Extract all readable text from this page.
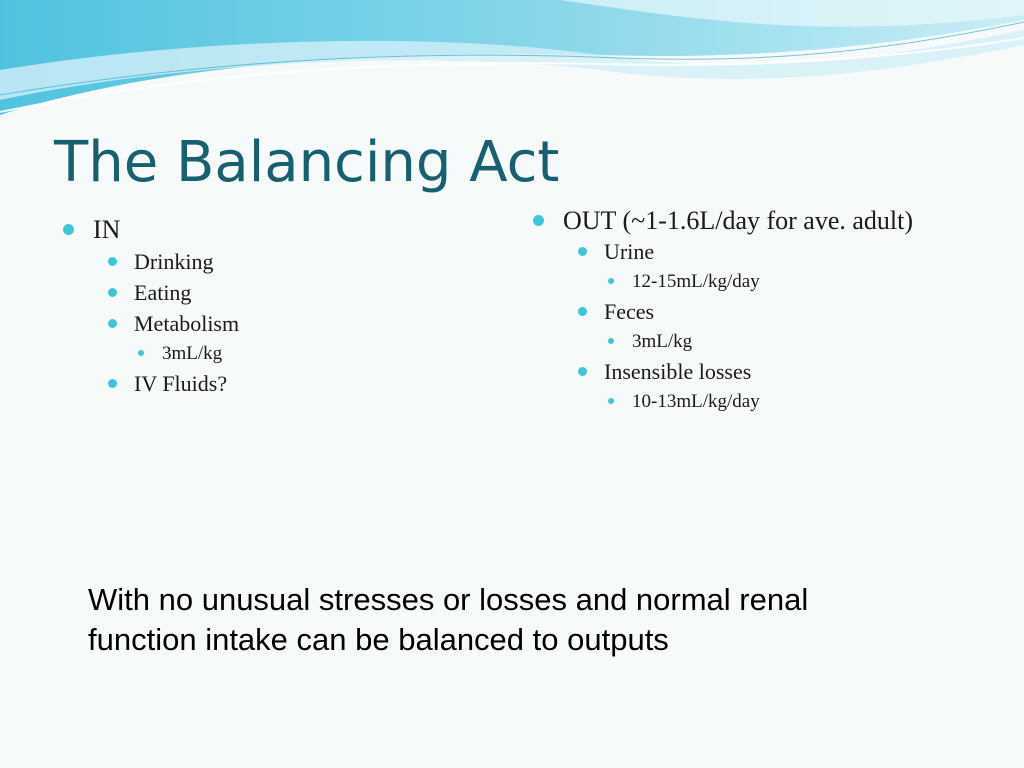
The Balancing Act
IN
Drinking
Eating
Metabolism
3mL/kg
IV Fluids?
OUT (~1-1.6L/day for ave. adult)
Urine
12-15mL/kg/day
Feces
3mL/kg
Insensible losses
10-13mL/kg/day
With no unusual stresses or losses and normal renal function intake can be balanced to outputs
